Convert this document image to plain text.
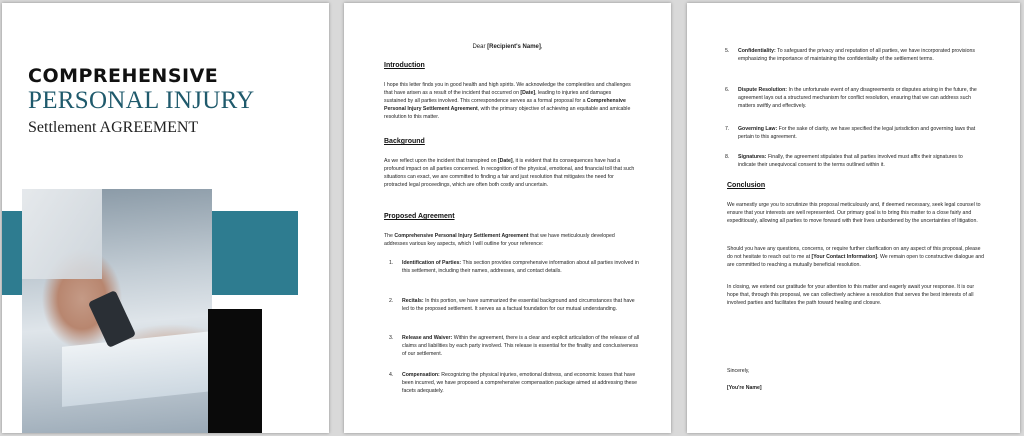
COMPREHENSIVE
PERSONAL INJURY
Settlement AGREEMENT
Dear [Recipient's Name],
Introduction
I hope this letter finds you in good health and high spirits. We acknowledge the complexities and challenges that have arisen as a result of the incident that occurred on [Date], leading to injuries and damages sustained by all parties involved. This correspondence serves as a formal proposal for a Comprehensive Personal Injury Settlement Agreement, with the primary objective of achieving an equitable and amicable resolution to this matter.
Background
As we reflect upon the incident that transpired on [Date], it is evident that its consequences have had a profound impact on all parties concerned. In recognition of the physical, emotional, and financial toll that such situations can exact, we are committed to finding a fair and just resolution that mitigates the need for protracted legal proceedings, which are often both costly and uncertain.
Proposed Agreement
The Comprehensive Personal Injury Settlement Agreement that we have meticulously developed addresses various key aspects, which I will outline for your reference:
1. Identification of Parties: This section provides comprehensive information about all parties involved in this settlement, including their names, addresses, and contact details.
2. Recitals: In this portion, we have summarized the essential background and circumstances that have led to the proposed settlement. It serves as a factual foundation for our mutual understanding.
3. Release and Waiver: Within the agreement, there is a clear and explicit articulation of the release of all claims and liabilities by each party involved. This release is essential for the finality and conclusiveness of our settlement.
4. Compensation: Recognizing the physical injuries, emotional distress, and economic losses that have been incurred, we have proposed a comprehensive compensation package aimed at addressing these facets adequately.
5. Confidentiality: To safeguard the privacy and reputation of all parties, we have incorporated provisions emphasizing the importance of maintaining the confidentiality of the settlement terms.
6. Dispute Resolution: In the unfortunate event of any disagreements or disputes arising in the future, the agreement lays out a structured mechanism for conflict resolution, ensuring that we can address such matters swiftly and effectively.
7. Governing Law: For the sake of clarity, we have specified the legal jurisdiction and governing laws that pertain to this agreement.
8. Signatures: Finally, the agreement stipulates that all parties involved must affix their signatures to indicate their unequivocal consent to the terms outlined within it.
Conclusion
We earnestly urge you to scrutinize this proposal meticulously and, if deemed necessary, seek legal counsel to ensure that your interests are well represented. Our primary goal is to bring this matter to a close fairly and expeditiously, allowing all parties to move forward with their lives unburdened by the uncertainties of litigation.
Should you have any questions, concerns, or require further clarification on any aspect of this proposal, please do not hesitate to reach out to me at [Your Contact Information]. We remain open to constructive dialogue and are committed to reaching a mutually beneficial resolution.
In closing, we extend our gratitude for your attention to this matter and eagerly await your response. It is our hope that, through this proposal, we can collectively achieve a resolution that serves the best interests of all involved parties and facilitates the path toward healing and closure.
Sincerely,
[You're Name]
